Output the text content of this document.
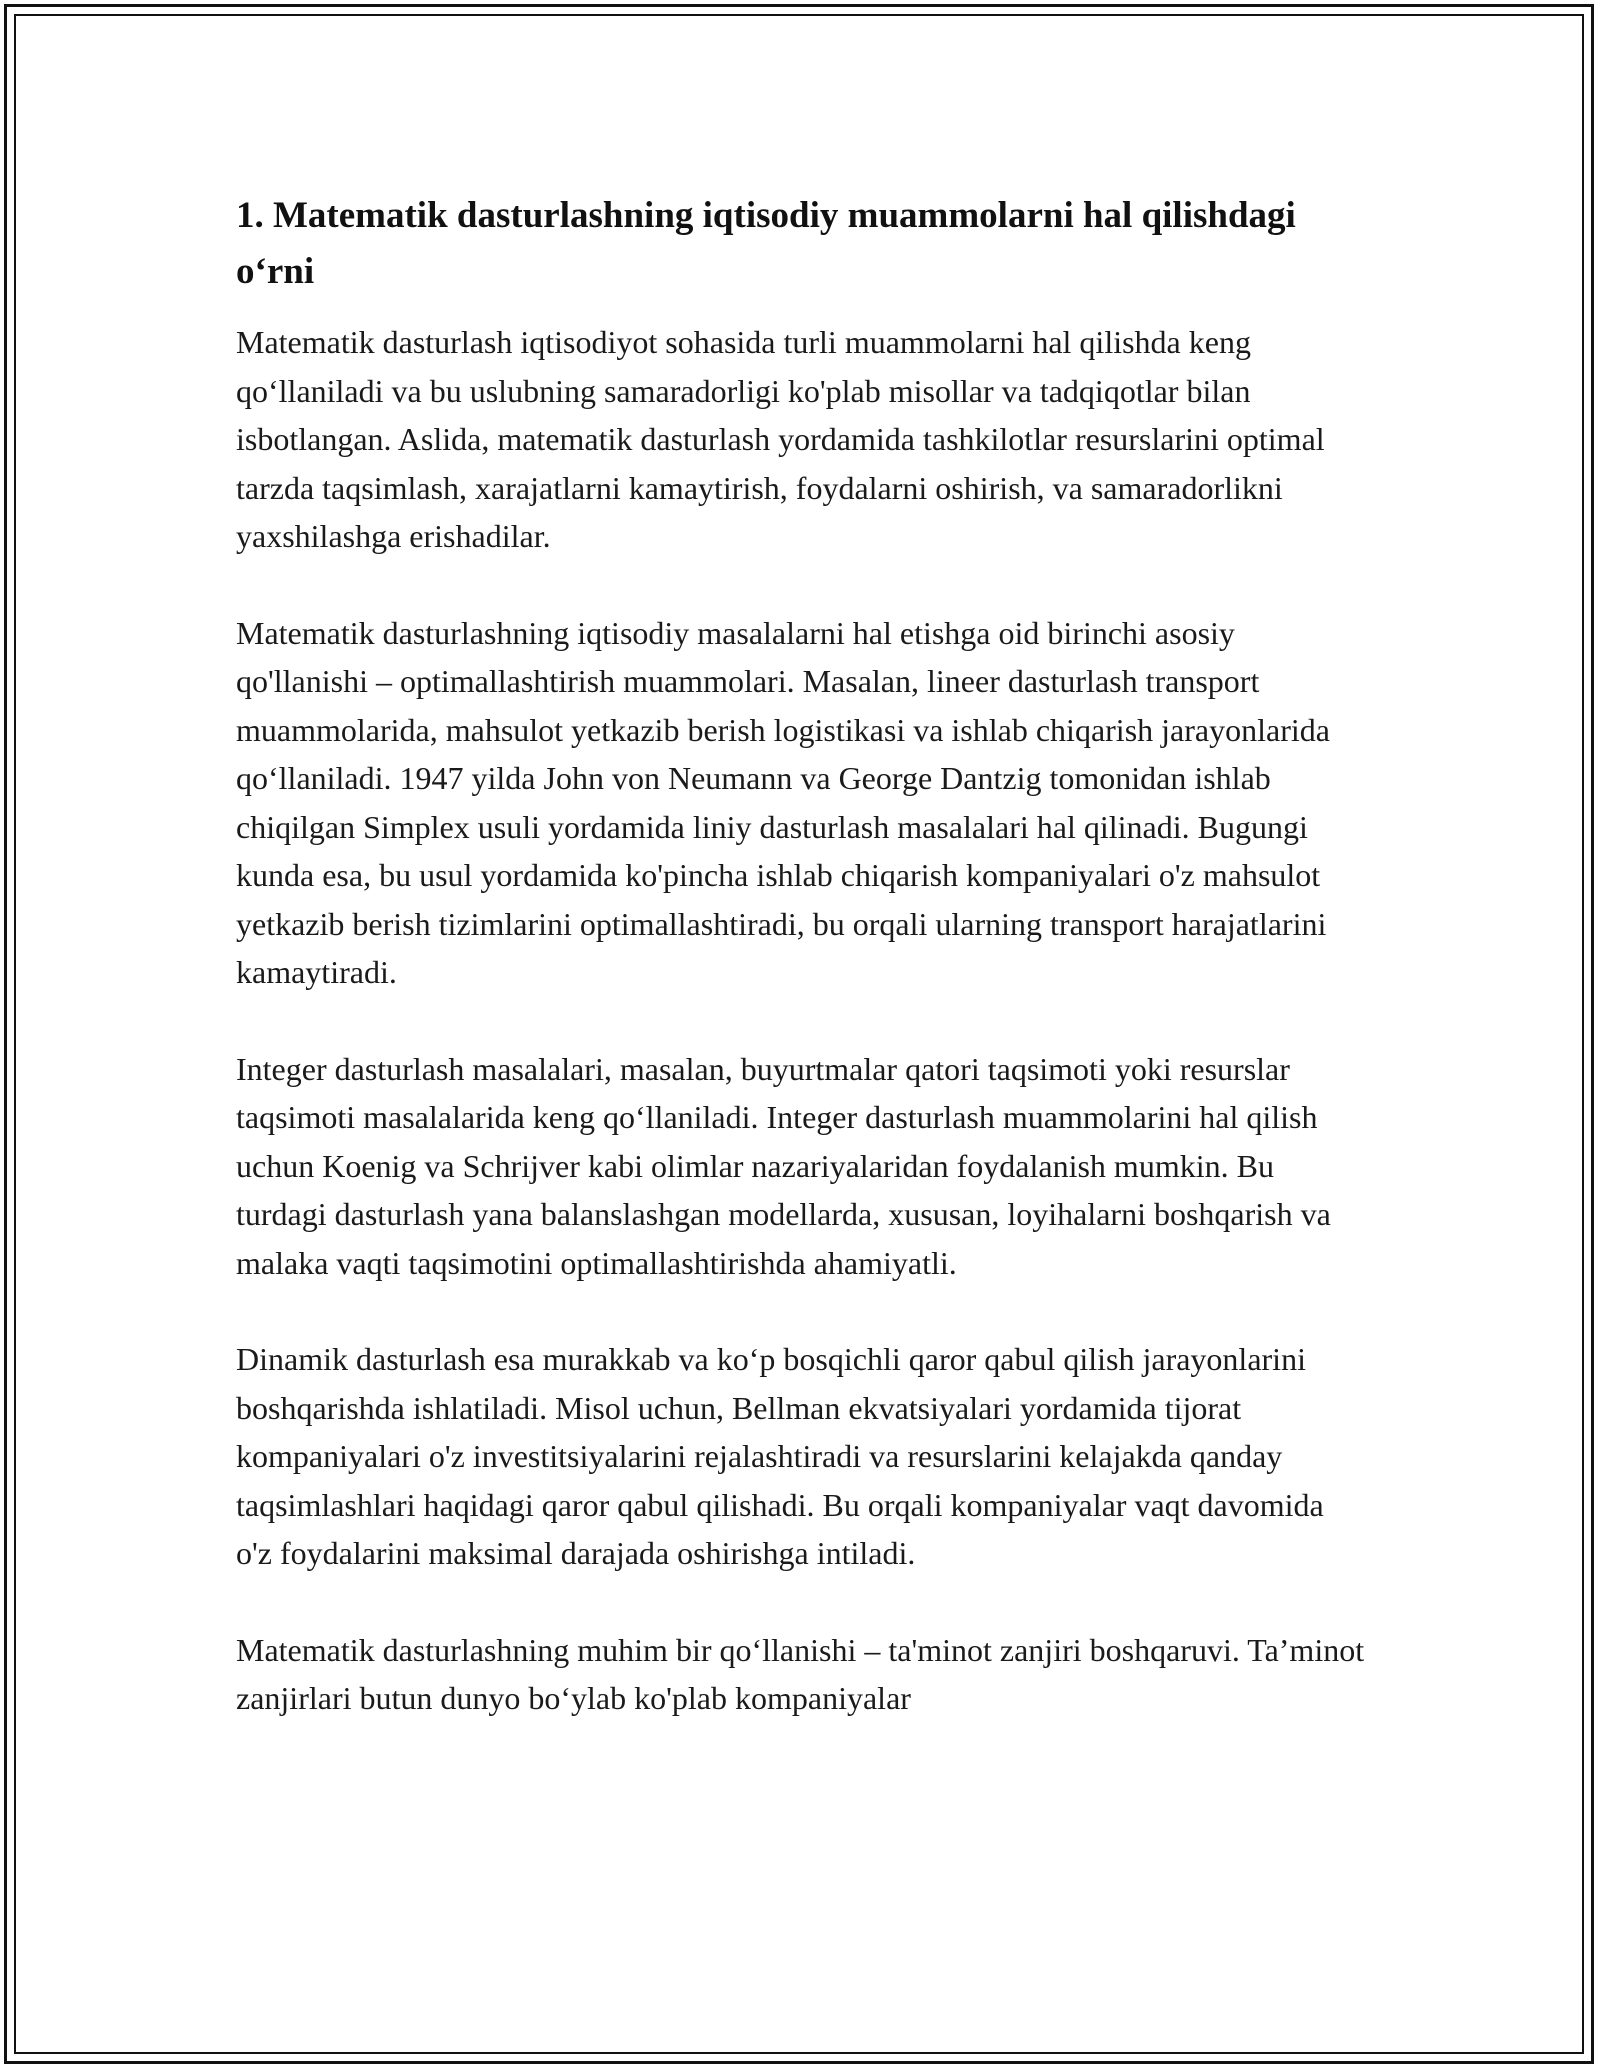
1. Matematik dasturlashning iqtisodiy muammolarni hal qilishdagi o‘rni

Matematik dasturlash iqtisodiyot sohasida turli muammolarni hal qilishda keng qo‘llaniladi va bu uslubning samaradorligi ko'plab misollar va tadqiqotlar bilan isbotlangan. Aslida, matematik dasturlash yordamida tashkilotlar resurslarini optimal tarzda taqsimlash, xarajatlarni kamaytirish, foydalarni oshirish, va samaradorlikni yaxshilashga erishadilar.

Matematik dasturlashning iqtisodiy masalalarni hal etishga oid birinchi asosiy qo'llanishi – optimallashtirish muammolari. Masalan, lineer dasturlash transport muammolarida, mahsulot yetkazib berish logistikasi va ishlab chiqarish jarayonlarida qo‘llaniladi. 1947 yilda John von Neumann va George Dantzig tomonidan ishlab chiqilgan Simplex usuli yordamida liniy dasturlash masalalari hal qilinadi. Bugungi kunda esa, bu usul yordamida ko'pincha ishlab chiqarish kompaniyalari o'z mahsulot yetkazib berish tizimlarini optimallashtiradi, bu orqali ularning transport harajatlarini kamaytiradi.

Integer dasturlash masalalari, masalan, buyurtmalar qatori taqsimoti yoki resurslar taqsimoti masalalarida keng qo‘llaniladi. Integer dasturlash muammolarini hal qilish uchun Koenig va Schrijver kabi olimlar nazariyalaridan foydalanish mumkin. Bu turdagi dasturlash yana balanslashgan modellarda, xususan, loyihalarni boshqarish va malaka vaqti taqsimotini optimallashtirishda ahamiyatli.

Dinamik dasturlash esa murakkab va ko‘p bosqichli qaror qabul qilish jarayonlarini boshqarishda ishlatiladi. Misol uchun, Bellman ekvatsiyalari yordamida tijorat kompaniyalari o'z investitsiyalarini rejalashtiradi va resurslarini kelajakda qanday taqsimlashlari haqidagi qaror qabul qilishadi. Bu orqali kompaniyalar vaqt davomida o'z foydalarini maksimal darajada oshirishga intiladi.

Matematik dasturlashning muhim bir qo‘llanishi – ta'minot zanjiri boshqaruvi. Ta’minot zanjirlari butun dunyo bo‘ylab ko'plab kompaniyalar
